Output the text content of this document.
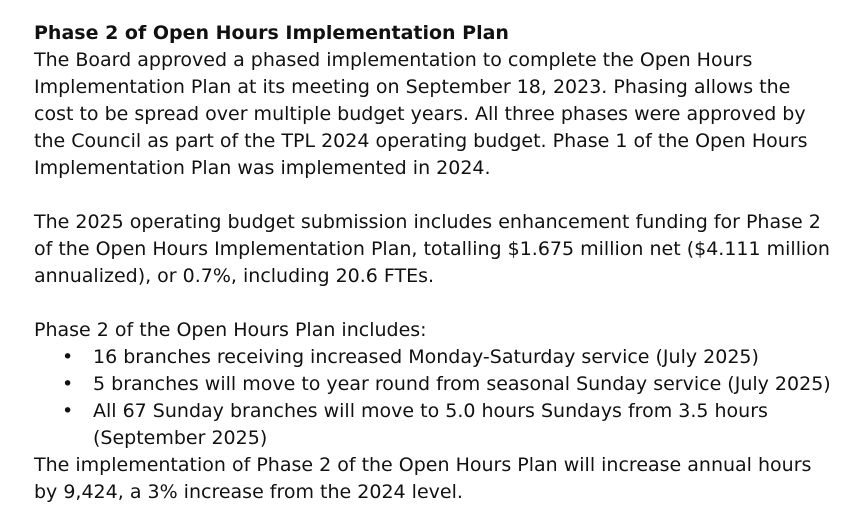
Phase 2 of Open Hours Implementation Plan

The Board approved a phased implementation to complete the Open Hours Implementation Plan at its meeting on September 18, 2023. Phasing allows the cost to be spread over multiple budget years. All three phases were approved by the Council as part of the TPL 2024 operating budget. Phase 1 of the Open Hours Implementation Plan was implemented in 2024.

The 2025 operating budget submission includes enhancement funding for Phase 2 of the Open Hours Implementation Plan, totalling $1.675 million net ($4.111 million annualized), or 0.7%, including 20.6 FTEs.

Phase 2 of the Open Hours Plan includes:

• 16 branches receiving increased Monday-Saturday service (July 2025)
• 5 branches will move to year round from seasonal Sunday service (July 2025)
• All 67 Sunday branches will move to 5.0 hours Sundays from 3.5 hours (September 2025)

The implementation of Phase 2 of the Open Hours Plan will increase annual hours by 9,424, a 3% increase from the 2024 level.
